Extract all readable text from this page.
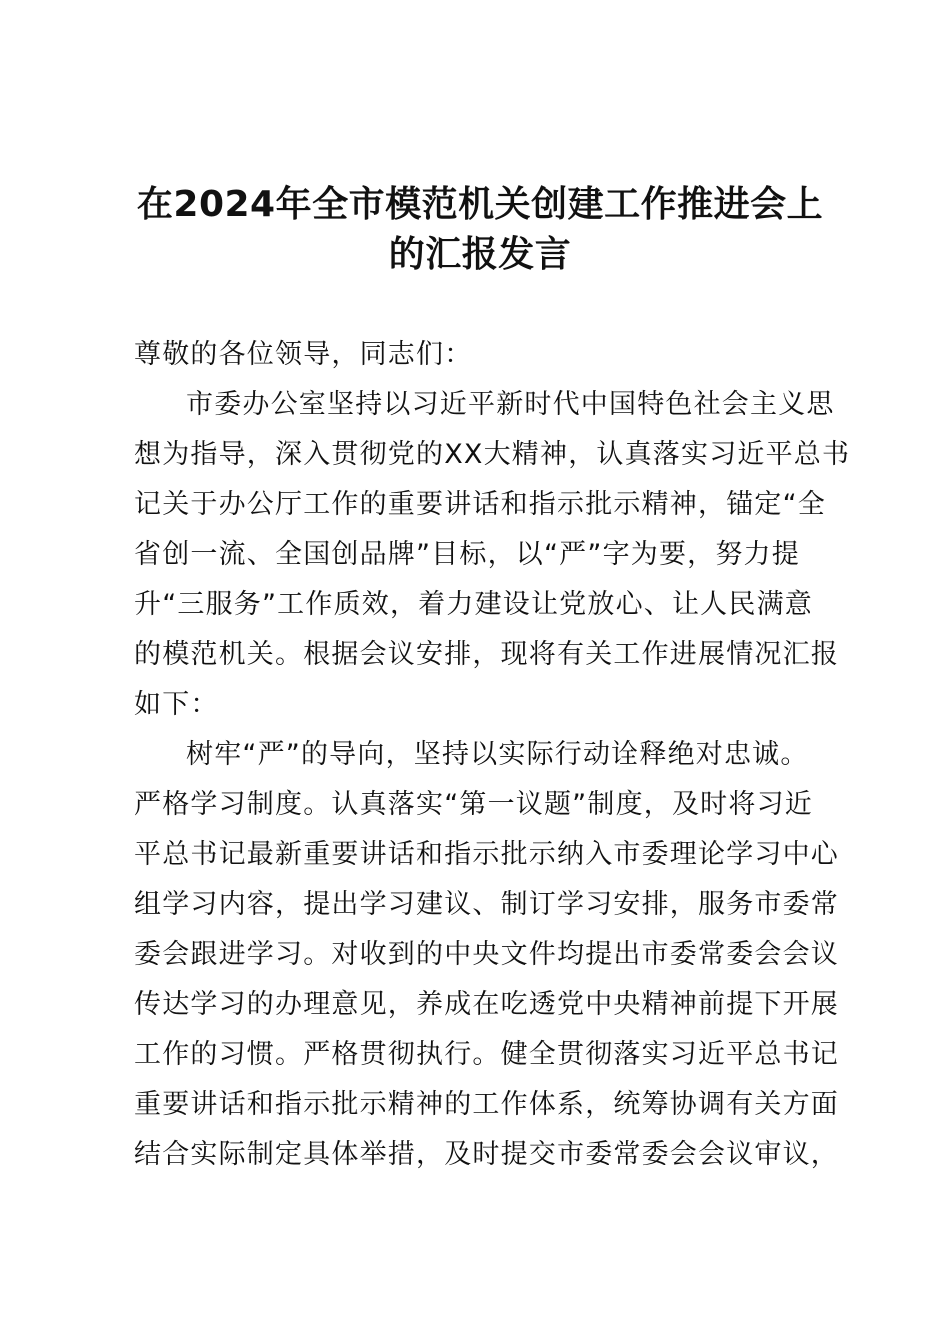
在2024年全市模范机关创建工作推进会上
的汇报发言
尊敬的各位领导，同志们：
市委办公室坚持以习近平新时代中国特色社会主义思
想为指导，深入贯彻党的XX大精神，认真落实习近平总书
记关于办公厅工作的重要讲话和指示批示精神，锚定“全
省创一流、全国创品牌”目标，以“严”字为要，努力提
升“三服务”工作质效，着力建设让党放心、让人民满意
的模范机关。根据会议安排，现将有关工作进展情况汇报
如下：
树牢“严”的导向，坚持以实际行动诠释绝对忠诚。
严格学习制度。认真落实“第一议题”制度，及时将习近
平总书记最新重要讲话和指示批示纳入市委理论学习中心
组学习内容，提出学习建议、制订学习安排，服务市委常
委会跟进学习。对收到的中央文件均提出市委常委会会议
传达学习的办理意见，养成在吃透党中央精神前提下开展
工作的习惯。严格贯彻执行。健全贯彻落实习近平总书记
重要讲话和指示批示精神的工作体系，统筹协调有关方面
结合实际制定具体举措，及时提交市委常委会会议审议，
